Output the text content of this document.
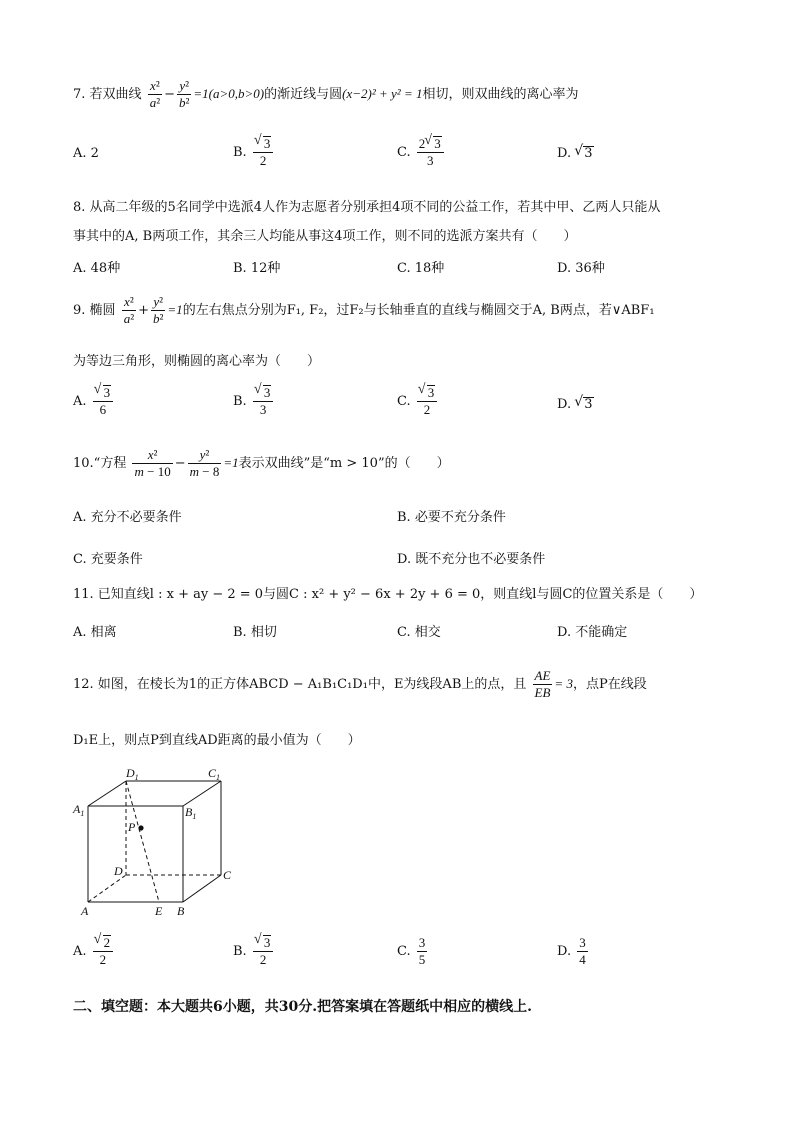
7. 若双曲线 $\frac{\text{x²}}{\text{a²}} - \frac{\text{y²}}{\text{b²}} =1(a>0,b>0)$的渐近线与圆(x−2)² + y² = 1相切，则双曲线的离心率为
A. 2	B. √ $\frac{3}{2}$	C. $\frac{2 √ 3}{3}$	D. √ 3
8. 从高二年级的5名同学中选派4人作为志愿者分别承担4项不同的公益工作，若其中甲、乙两人只能从
事其中的A, B两项工作，其余三人均能从事这4项工作，则不同的选派方案共有（　　）
A. 48种	B. 12种	C. 18种	D. 36种
9. 椭圆 $\frac{\text{x²}}{\text{a²}} + \frac{\text{y²}}{\text{b²}} =1$的左右焦点分别为F₁, F₂，过F₂与长轴垂直的直线与椭圆交于A, B两点，若∨ABF₁
为等边三角形，则椭圆的离心率为（　　）
A. √ $\frac{3}{6}$	B. √ $\frac{3}{3}$	C. √ $\frac{3}{2}$	D. √ 3
10.“方程 $\frac{\text{x²}}{m - 10} - \frac{\text{y²}}{m - 8} =1$表示双曲线”是“m > 10”的（　　）
A. 充分不必要条件	B. 必要不充分条件
C. 充要条件	D. 既不充分也不必要条件
11. 已知直线l : x + ay − 2 = 0与圆C : x² + y² − 6x + 2y + 6 = 0，则直线l与圆C的位置关系是（　　）
A. 相离	B. 相切	C. 相交	D. 不能确定
12. 如图，在棱长为1的正方体ABCD − A₁B₁C₁D₁中，E为线段AB上的点，且 $\frac{AE}{EB} = 3$，点P在线段
D₁E上，则点P到直线AD距离的最小值为（　　）
$D_1$	$C_1$
$A_1$	$B_1$
P
D	C
A	E B
A. √ $\frac{2}{2}$	B. √ $\frac{3}{2}$	C. $\frac{3}{5}$	D. $\frac{3}{4}$
二、填空题：本大题共6小题，共30分.把答案填在答题纸中相应的横线上.
